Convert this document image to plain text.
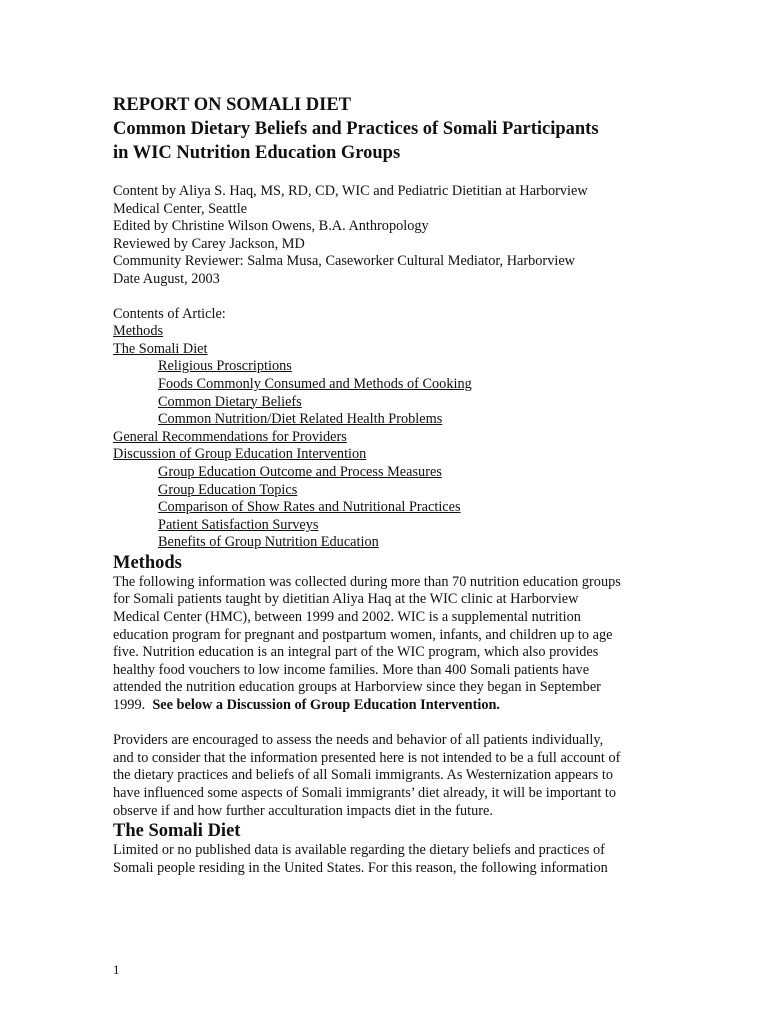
REPORT ON SOMALI DIET
Common Dietary Beliefs and Practices of Somali Participants
in WIC Nutrition Education Groups
Content by Aliya S. Haq, MS, RD, CD, WIC and Pediatric Dietitian at Harborview
Medical Center, Seattle
Edited by Christine Wilson Owens, B.A. Anthropology
Reviewed by Carey Jackson, MD
Community Reviewer: Salma Musa, Caseworker Cultural Mediator, Harborview
Date August, 2003
Contents of Article:
Methods
The Somali Diet
Religious Proscriptions
Foods Commonly Consumed and Methods of Cooking
Common Dietary Beliefs
Common Nutrition/Diet Related Health Problems
General Recommendations for Providers
Discussion of Group Education Intervention
Group Education Outcome and Process Measures
Group Education Topics
Comparison of Show Rates and Nutritional Practices
Patient Satisfaction Surveys
Benefits of Group Nutrition Education
Methods

The following information was collected during more than 70 nutrition education groups
for Somali patients taught by dietitian Aliya Haq at the WIC clinic at Harborview
Medical Center (HMC), between 1999 and 2002. WIC is a supplemental nutrition
education program for pregnant and postpartum women, infants, and children up to age
five. Nutrition education is an integral part of the WIC program, which also provides
healthy food vouchers to low income families. More than 400 Somali patients have
attended the nutrition education groups at Harborview since they began in September
1999.  See below a Discussion of Group Education Intervention.

Providers are encouraged to assess the needs and behavior of all patients individually,
and to consider that the information presented here is not intended to be a full account of
the dietary practices and beliefs of all Somali immigrants. As Westernization appears to
have influenced some aspects of Somali immigrants’ diet already, it will be important to
observe if and how further acculturation impacts diet in the future.

The Somali Diet

Limited or no published data is available regarding the dietary beliefs and practices of
Somali people residing in the United States. For this reason, the following information

1
